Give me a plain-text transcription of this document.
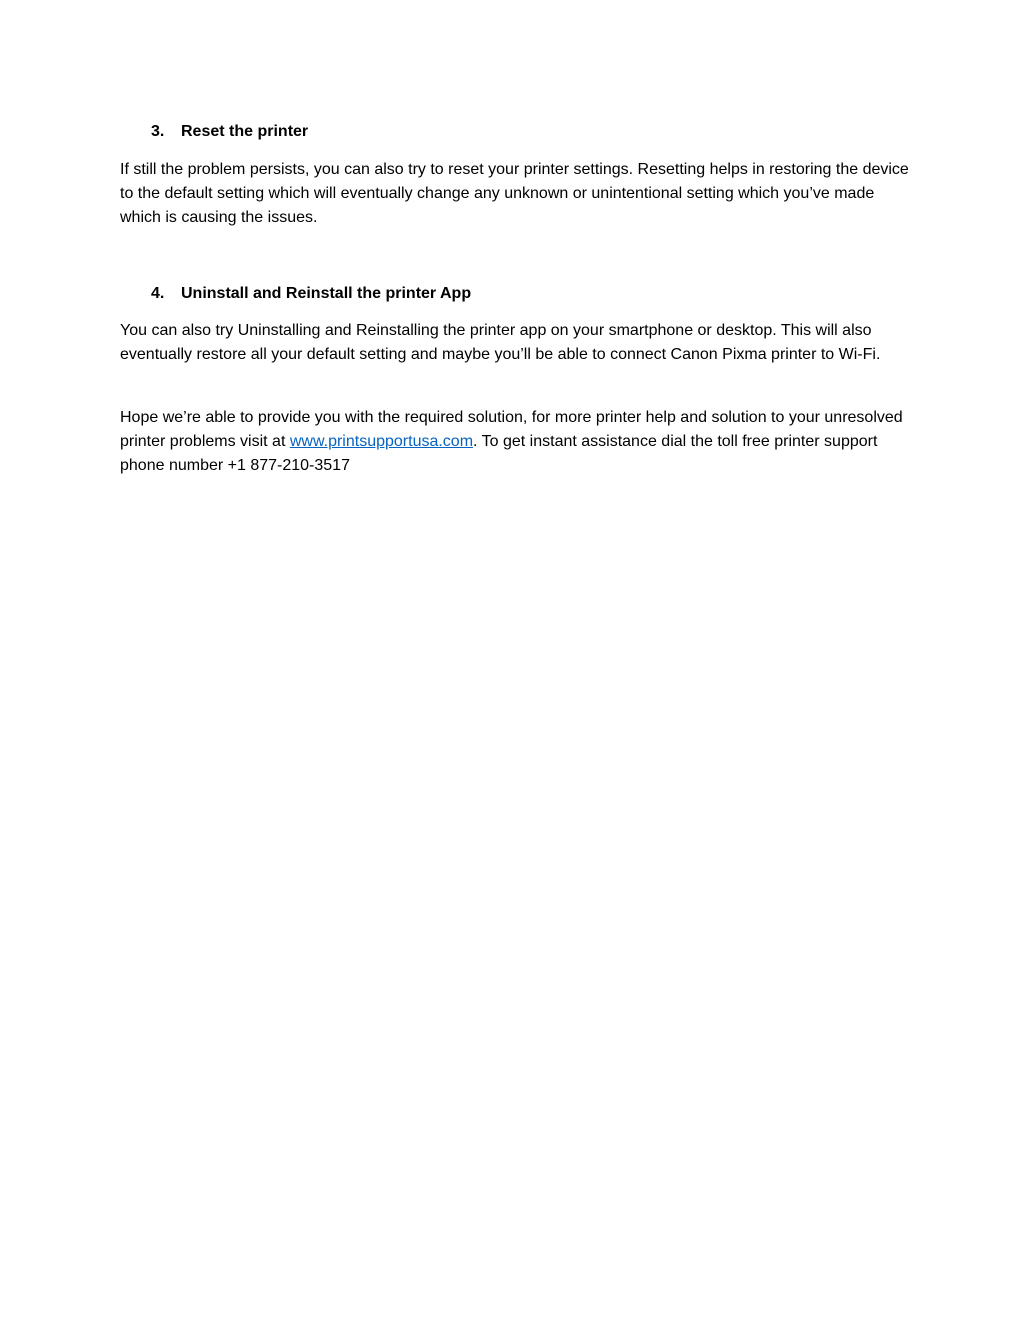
3. Reset the printer

If still the problem persists, you can also try to reset your printer settings. Resetting helps in restoring the device to the default setting which will eventually change any unknown or unintentional setting which you’ve made which is causing the issues.

4. Uninstall and Reinstall the printer App

You can also try Uninstalling and Reinstalling the printer app on your smartphone or desktop. This will also eventually restore all your default setting and maybe you’ll be able to connect Canon Pixma printer to Wi-Fi.

Hope we’re able to provide you with the required solution, for more printer help and solution to your unresolved printer problems visit at www.printsupportusa.com. To get instant assistance dial the toll free printer support phone number +1 877-210-3517
